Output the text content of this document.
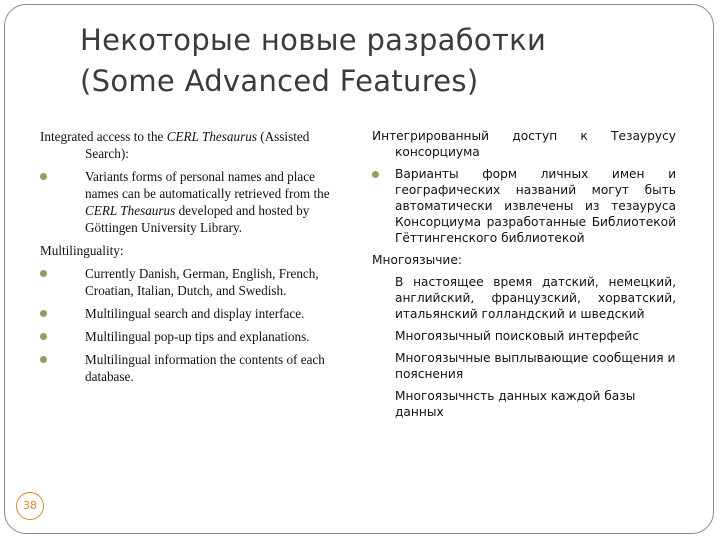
Некоторые новые разработки
(Some Advanced Features)

Integrated access to the CERL Thesaurus (Assisted Search):

Variants forms of personal names and place names can be automatically retrieved from the CERL Thesaurus developed and hosted by Göttingen University Library.

Multilinguality:

Currently Danish, German, English, French, Croatian, Italian, Dutch, and Swedish.
Multilingual search and display interface.
Multilingual pop-up tips and explanations.
Multilingual information the contents of each database.

Интегрированный доступ к Тезаурусу консорциума

Варианты форм личных имен и географических названий могут быть автоматически извлечены из тезауруса Консорциума разработанные Библиотекой Гёттингенского библиотекой

Многоязычие:

В настоящее время датский, немецкий, английский, французский, хорватский, итальянский голландский и шведский
Многоязычный поисковый интерфейс
Многоязычные выплывающие сообщения и пояснения
Многоязычнсть данных каждой базы данных
38
